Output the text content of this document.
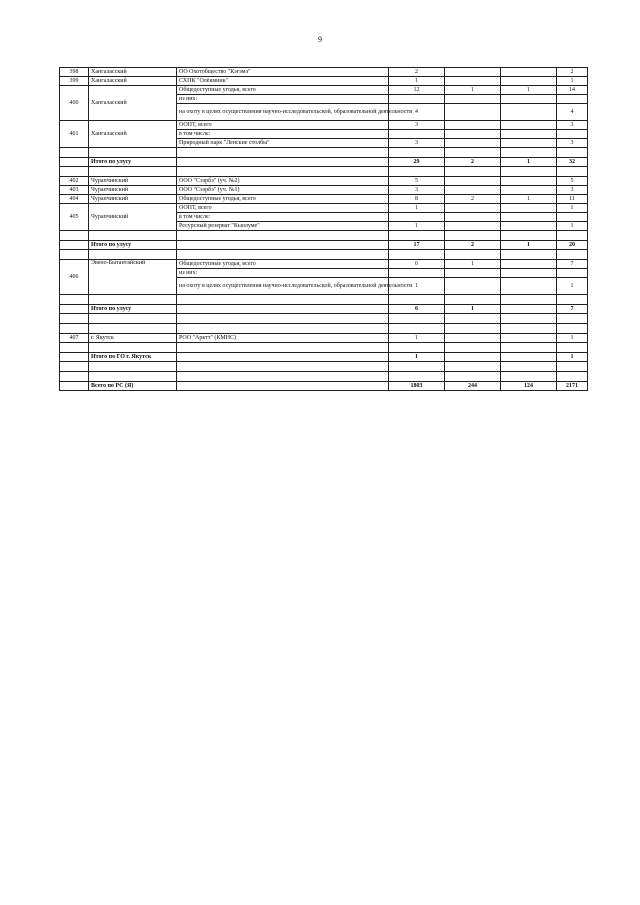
9
398	Хангаласский	ОО Охотобщество "Кэгэмэ"	2			2
399	Хангаласский	СХПК "Олёкминк"	1			1
400	Хангаласский	Общедоступные угодья, всего	12	1	1	14
		из них:				
		на охоту в целях осуществления научно-исследовательской, образовательной деятельности	4			4
401	Хангаласский	ООПТ, всего	3			3
		в том числе:				
		Природный парк "Ленские столбы"	3			3

	Итого по улусу		29	2	1	32

402	Чурапчинский	ООО "Сээрбэ" (уч. №2)	5			5
403	Чурапчинский	ООО "Сээрбэ" (уч. №1)	3			3
404	Чурапчинский	Общедоступные угодья, всего	8	2	1	11
405	Чурапчинский	ООПТ, всего	1			1
		в том числе:				
		Ресурсный резерват "Кыолуме"	1			1

	Итого по улусу		17	2	1	20

406	Эвено-Бытантайский	Общедоступные угодья, всего	6	1		7
		из них:				
		на охоту в целях осуществления научно-исследовательской, образовательной деятельности	1			1

	Итого по улусу		6	1		7

407	г. Якутск	РОО "Арктт" (КМНС)	1			1

	Итого по ГО г. Якутск		1			1

	Всего по РС (Я)		1803	244	124	2171
